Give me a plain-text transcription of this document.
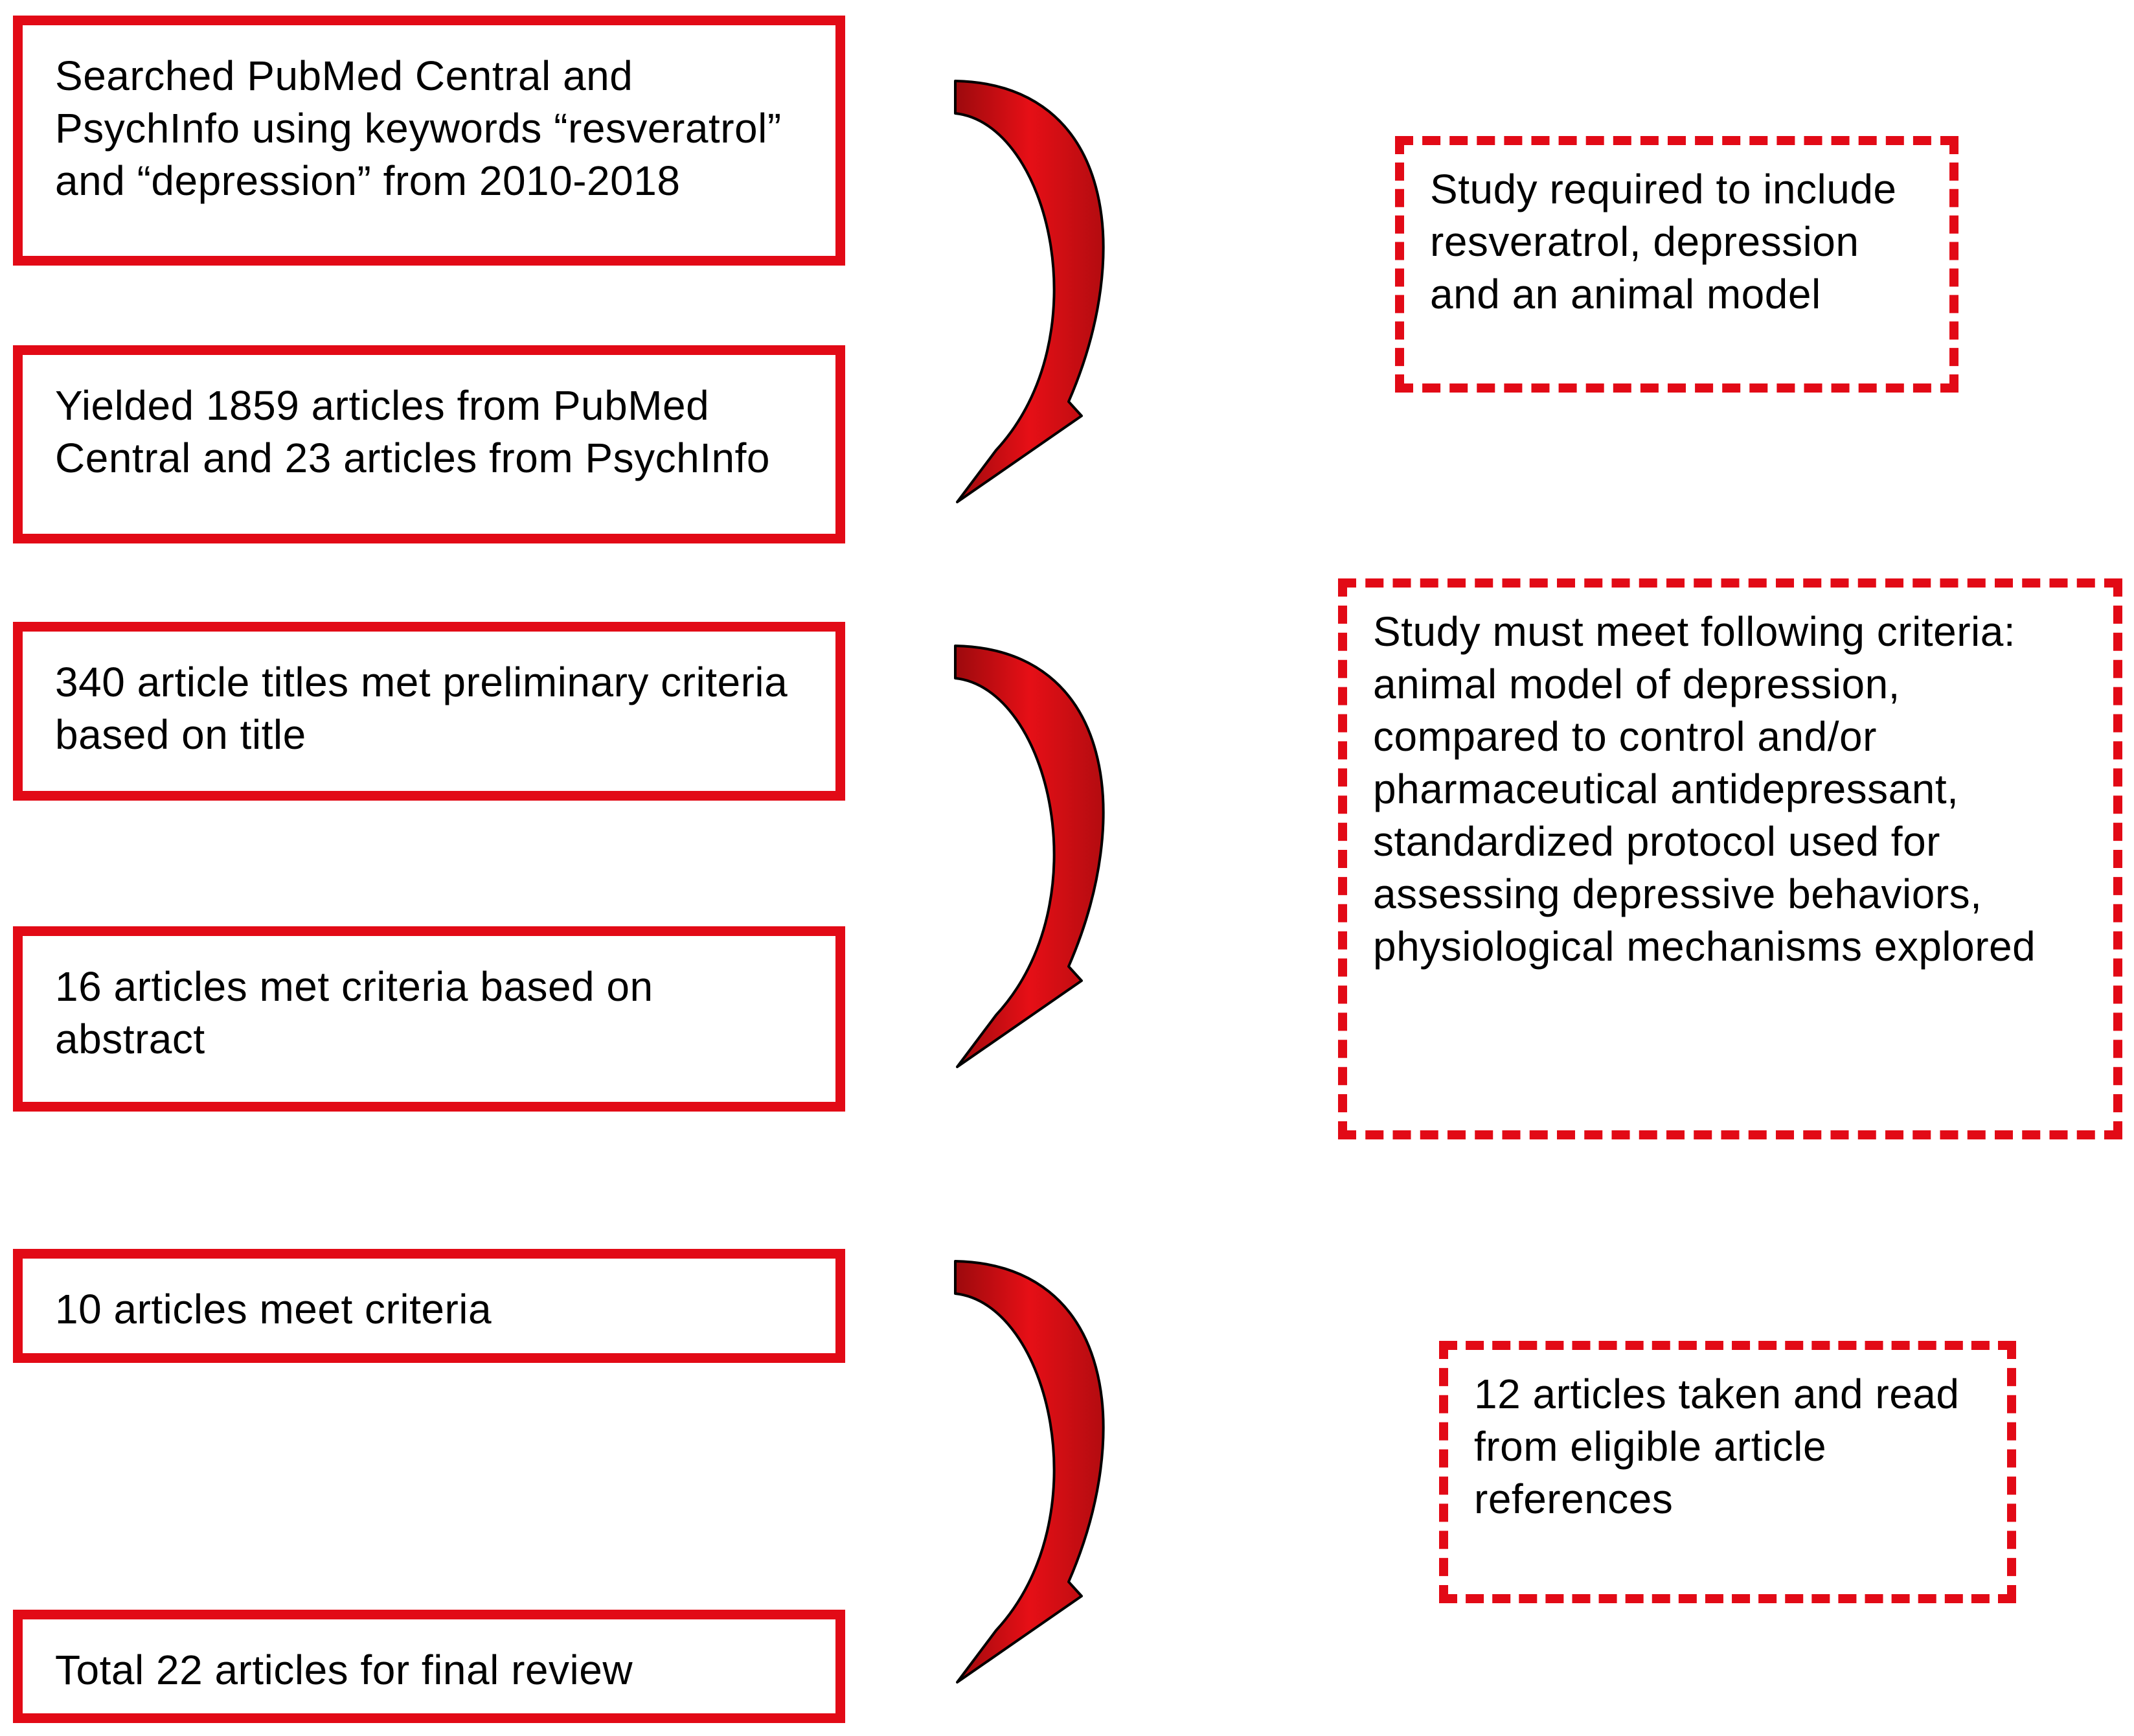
Searched PubMed Central and
PsychInfo using keywords “resveratrol”
and “depression” from 2010-2018
Yielded 1859 articles from PubMed
Central and 23 articles from PsychInfo
340 article titles met preliminary criteria
based on title
16 articles met criteria based on
abstract
10 articles meet criteria
Total 22 articles for final review
Study required to include
resveratrol, depression
and an animal model
Study must meet following criteria:
animal model of depression,
compared to control and/or
pharmaceutical antidepressant,
standardized protocol used for
assessing depressive behaviors,
physiological mechanisms explored
12 articles taken and read
from eligible article
references
